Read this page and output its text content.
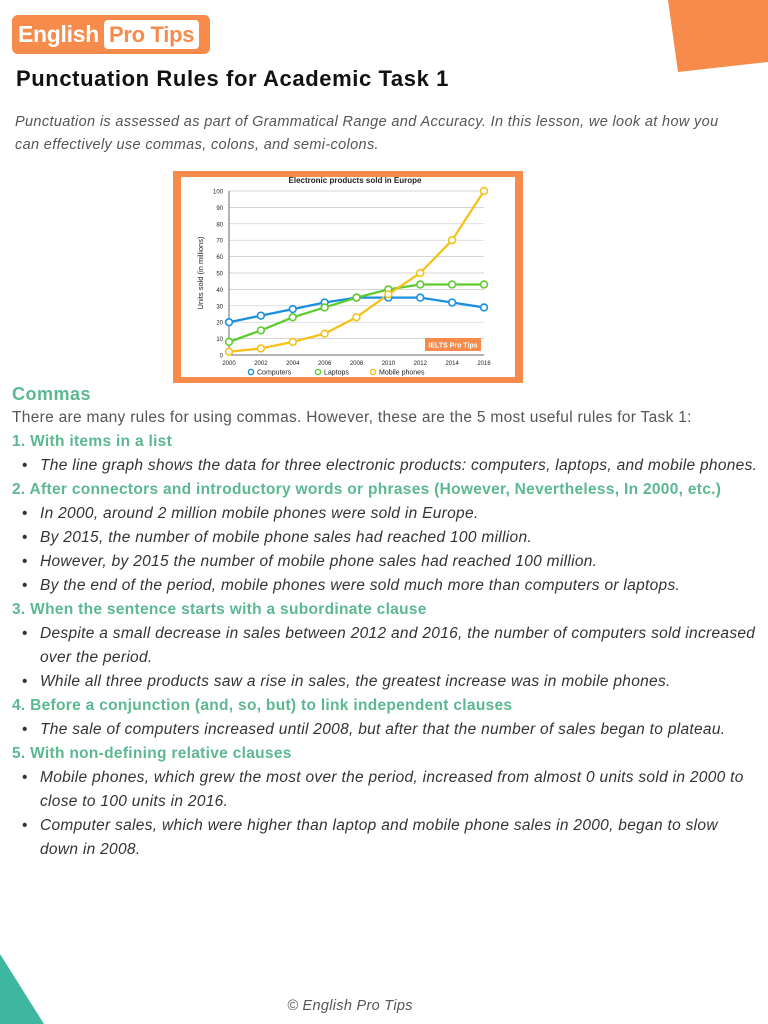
English Pro Tips
Punctuation Rules for Academic Task 1
Punctuation is assessed as part of Grammatical Range and Accuracy. In this lesson, we look at how you can effectively use commas, colons, and semi-colons.
Electronic products sold in Europe
Units sold (in millions)
0
10
20
30
40
50
60
70
80
90
100
2000	2002	2004	2006	2008	2010	2012	2014	2016
IELTS Pro Tips
Computers	Laptops	Mobile phones
Commas
There are many rules for using commas. However, these are the 5 most useful rules for Task 1:
1. With items in a list
• The line graph shows the data for three electronic products: computers, laptops, and mobile phones.
2. After connectors and introductory words or phrases (However, Nevertheless, In 2000, etc.)
• In 2000, around 2 million mobile phones were sold in Europe.
• By 2015, the number of mobile phone sales had reached 100 million.
• However, by 2015 the number of mobile phone sales had reached 100 million.
• By the end of the period, mobile phones were sold much more than computers or laptops.
3. When the sentence starts with a subordinate clause
• Despite a small decrease in sales between 2012 and 2016, the number of computers sold increased over the period.
• While all three products saw a rise in sales, the greatest increase was in mobile phones.
4. Before a conjunction (and, so, but) to link independent clauses
• The sale of computers increased until 2008, but after that the number of sales began to plateau.
5. With non-defining relative clauses
• Mobile phones, which grew the most over the period, increased from almost 0 units sold in 2000 to close to 100 units in 2016.
• Computer sales, which were higher than laptop and mobile phone sales in 2000, began to slow down in 2008.
© English Pro Tips
